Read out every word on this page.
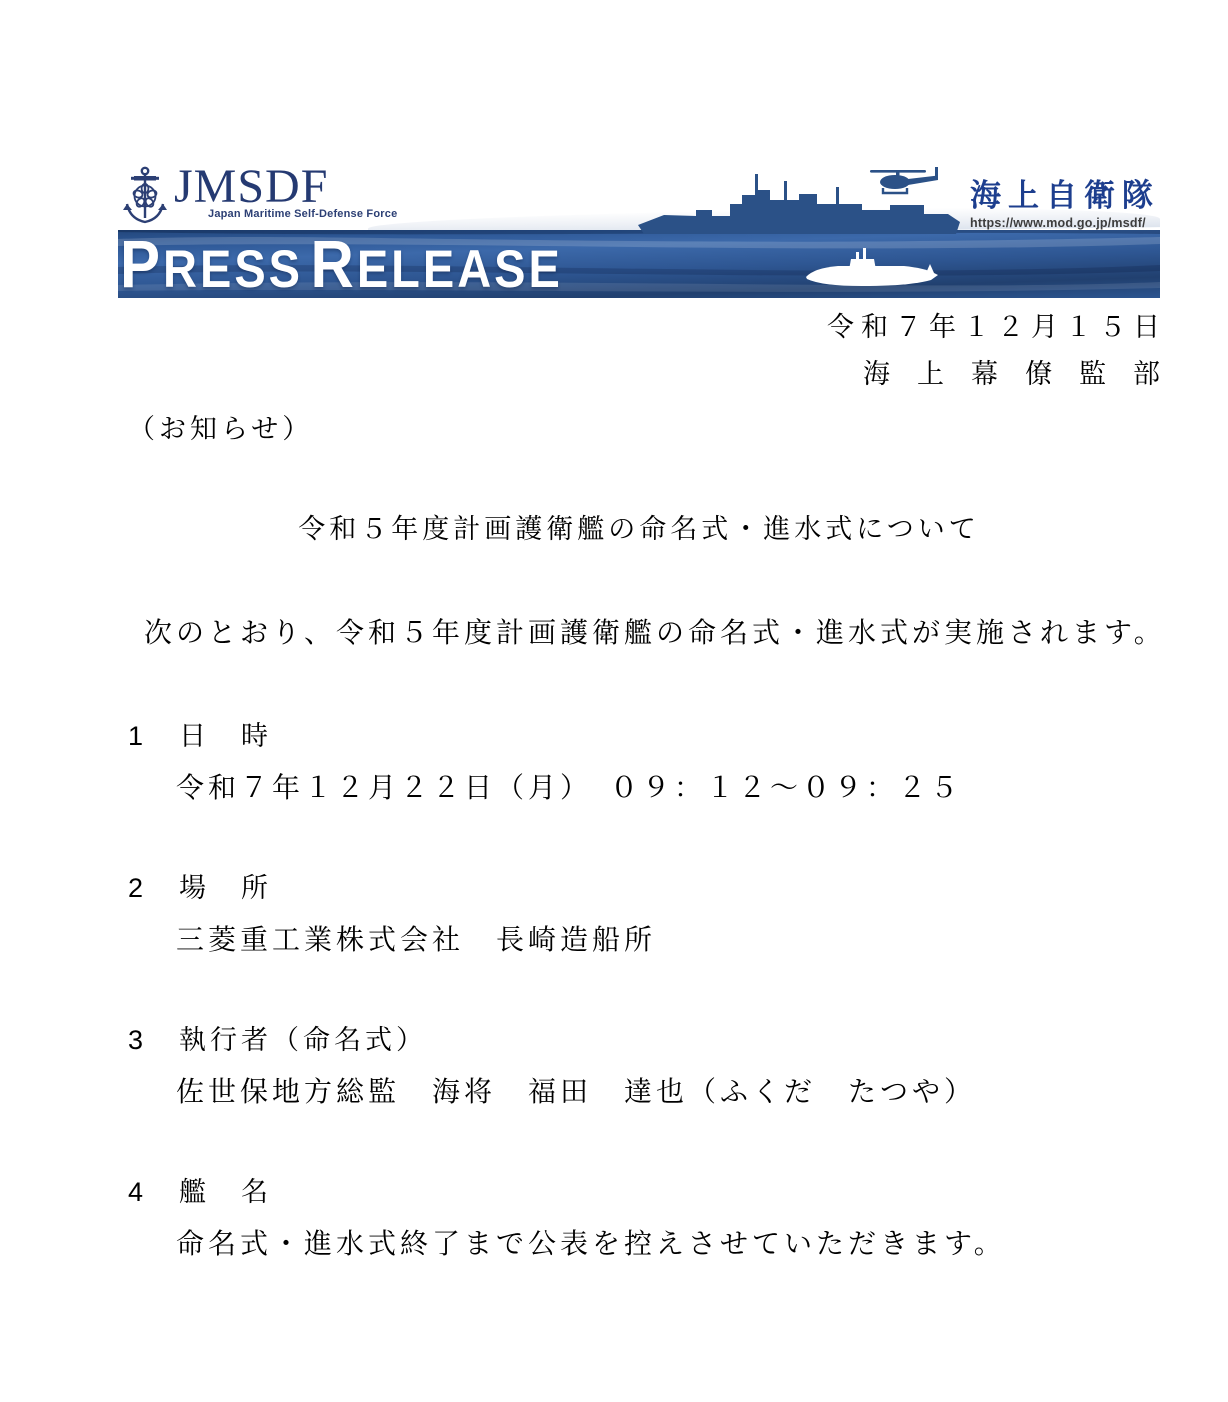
JMSDF
Japan Maritime Self-Defense Force
海上自衛隊
https://www.mod.go.jp/msdf/
PRESS RELEASE
令和７年１２月１５日
海上幕僚監部
（お知らせ）
令和５年度計画護衛艦の命名式・進水式について
次のとおり、令和５年度計画護衛艦の命名式・進水式が実施されます。
1 日　時
令和７年１２月２２日（月）　０９：１２～０９：２５
2 場　所
三菱重工業株式会社　長崎造船所
3 執行者（命名式）
佐世保地方総監　海将　福田　達也（ふくだ　たつや）
4 艦　名
命名式・進水式終了まで公表を控えさせていただきます。
